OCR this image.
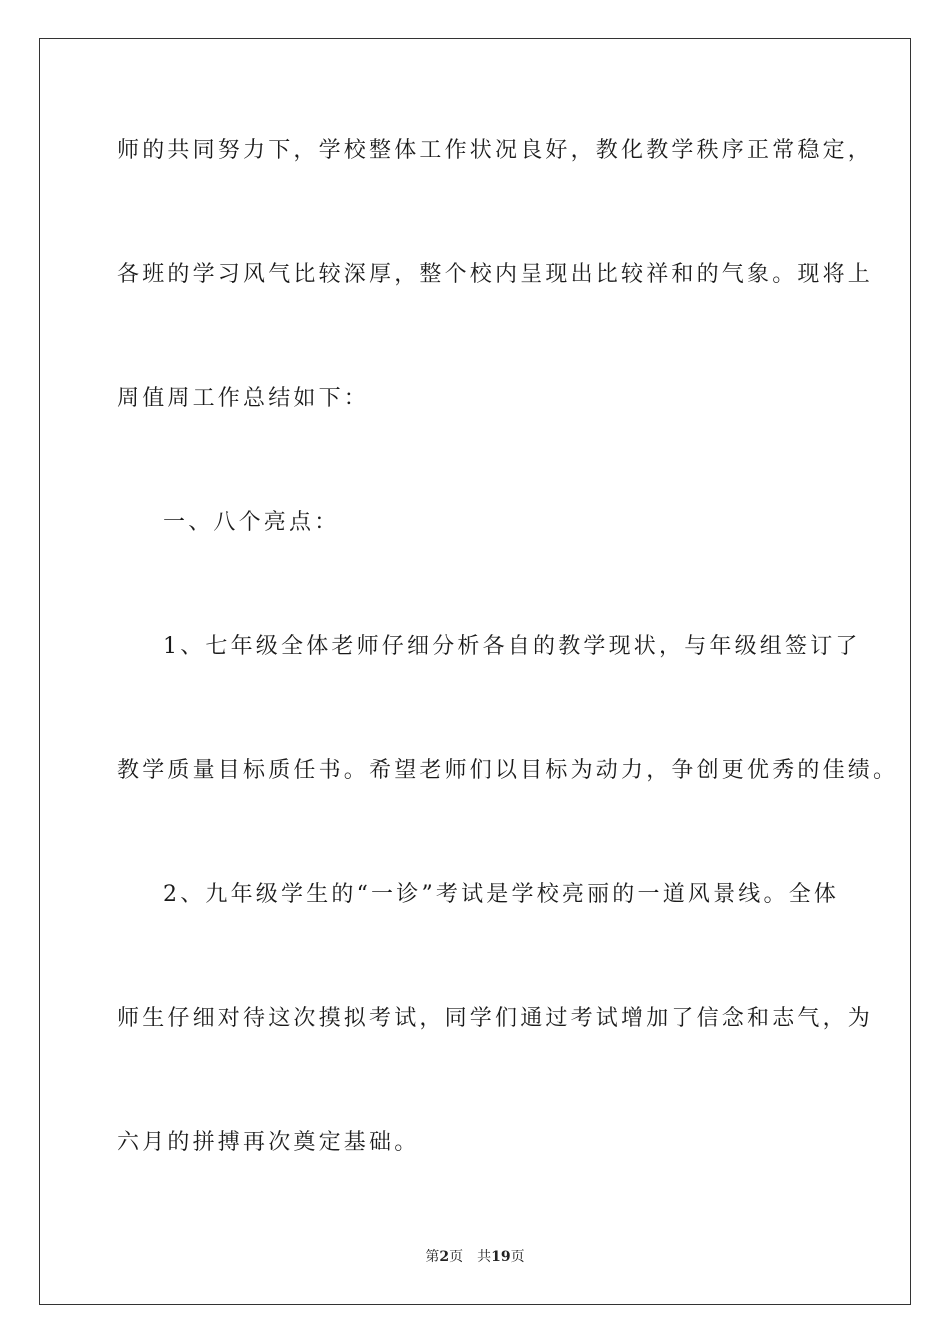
师的共同努力下，学校整体工作状况良好，教化教学秩序正常稳定，
各班的学习风气比较深厚，整个校内呈现出比较祥和的气象。现将上
周值周工作总结如下：
一、八个亮点：
1、七年级全体老师仔细分析各自的教学现状，与年级组签订了
教学质量目标质任书。希望老师们以目标为动力，争创更优秀的佳绩。
2、九年级学生的“一诊”考试是学校亮丽的一道风景线。全体
师生仔细对待这次摸拟考试，同学们通过考试增加了信念和志气，为
六月的拼搏再次奠定基础。
第2页 共19页
